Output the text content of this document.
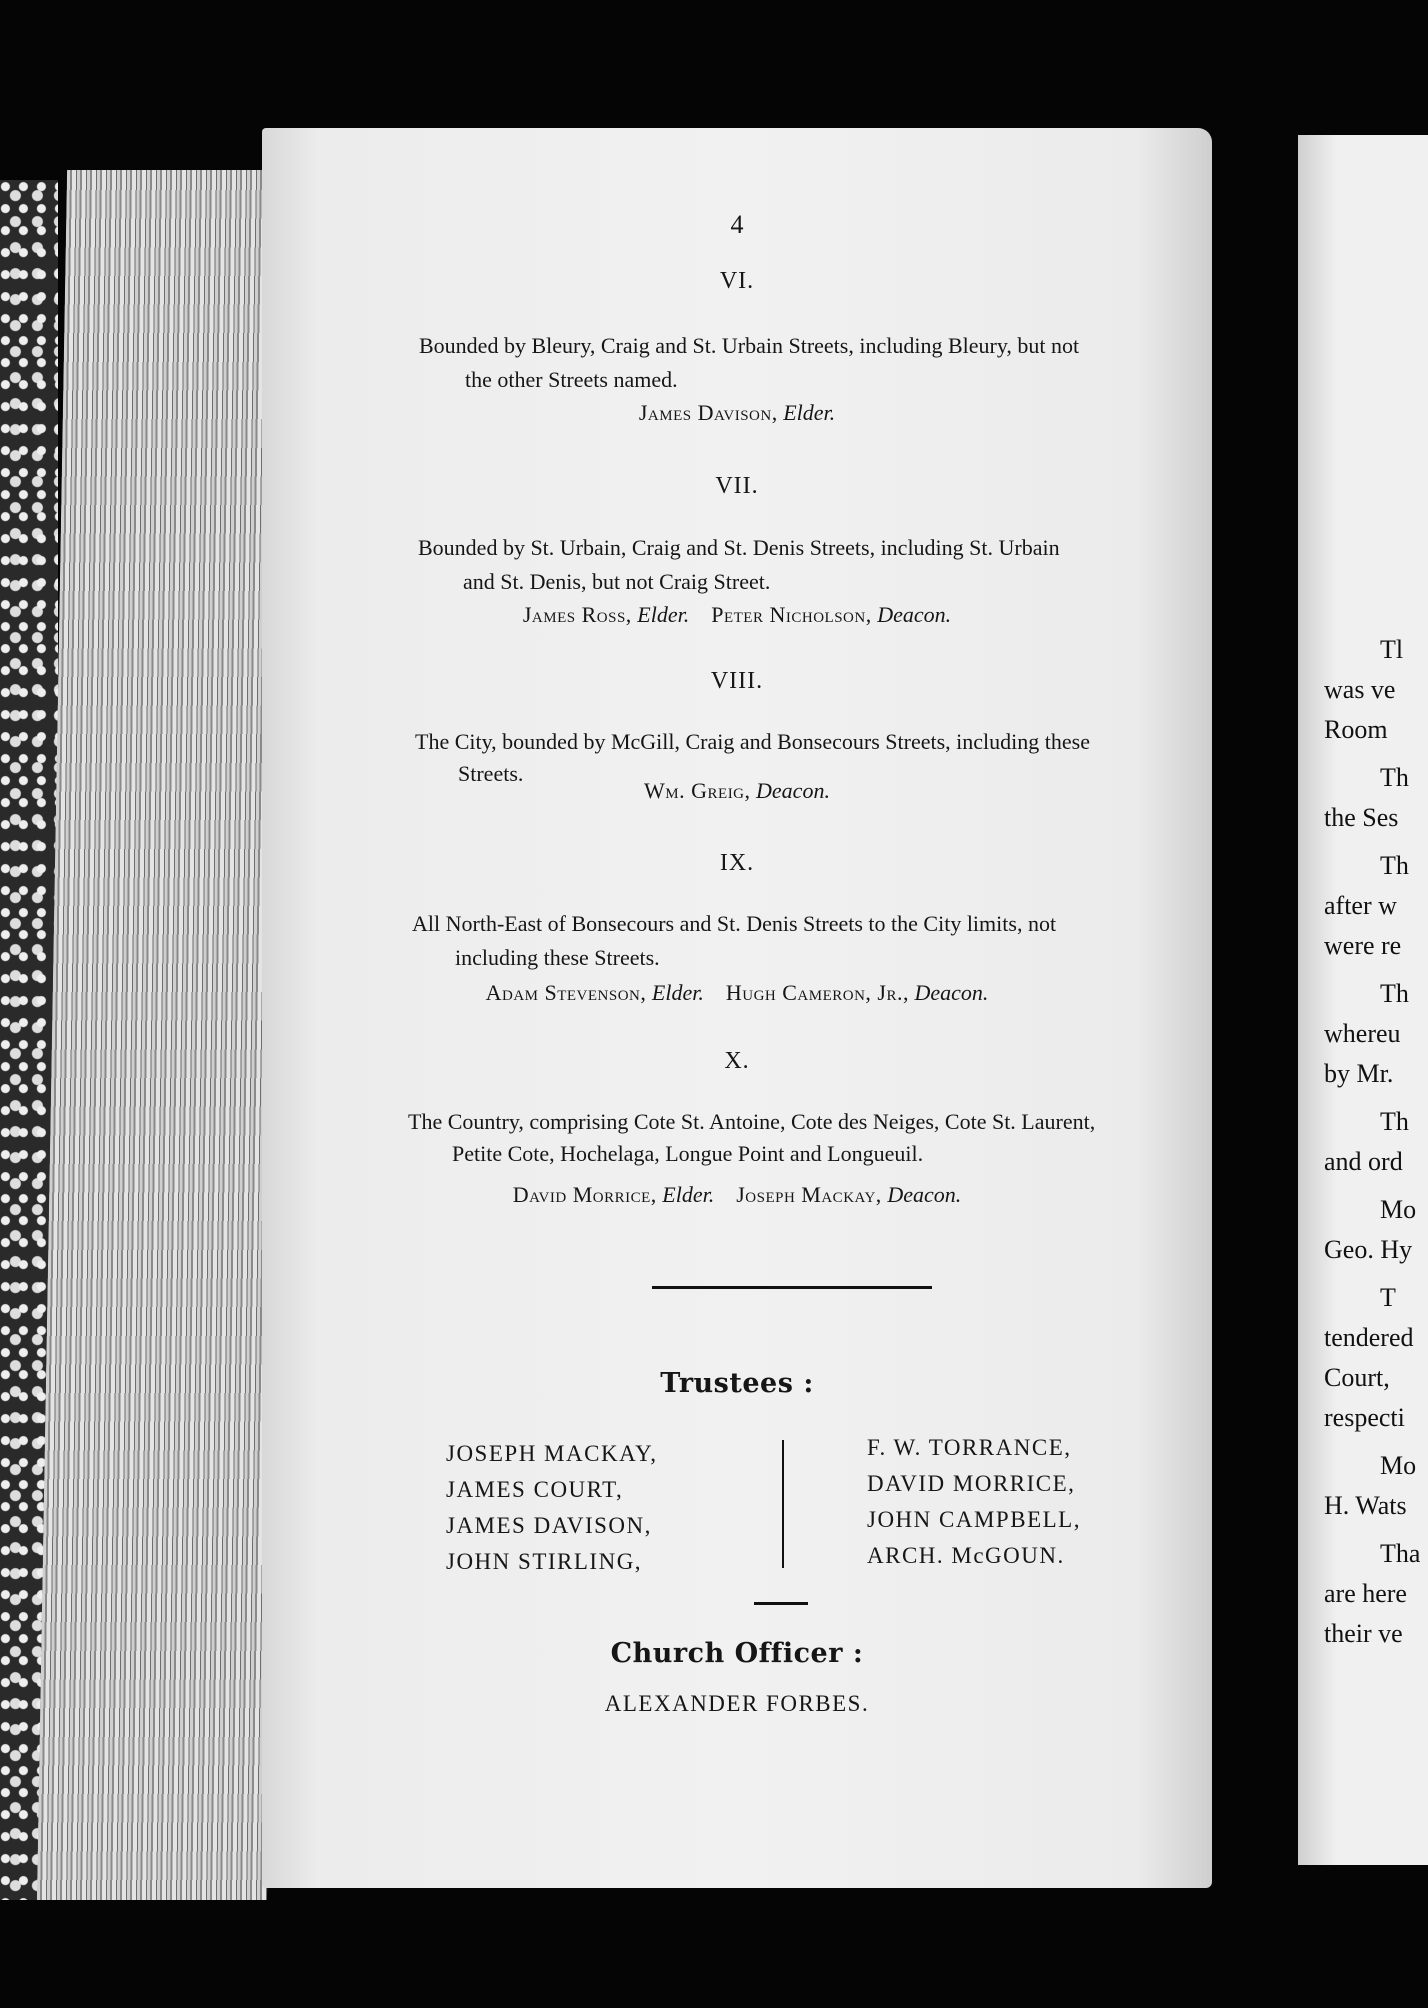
4
VI.
Bounded by Bleury, Craig and St. Urbain Streets, including Bleury, but not
the other Streets named.
James Davison, Elder.
VII.
Bounded by St. Urbain, Craig and St. Denis Streets, including St. Urbain
and St. Denis, but not Craig Street.
James Ross, Elder. Peter Nicholson, Deacon.
VIII.
The City, bounded by McGill, Craig and Bonsecours Streets, including these
Streets.
Wm. Greig, Deacon.
IX.
All North-East of Bonsecours and St. Denis Streets to the City limits, not
including these Streets.
Adam Stevenson, Elder. Hugh Cameron, Jr., Deacon.
X.
The Country, comprising Cote St. Antoine, Cote des Neiges, Cote St. Laurent,
Petite Cote, Hochelaga, Longue Point and Longueuil.
David Morrice, Elder. Joseph Mackay, Deacon.
Trustees :
JOSEPH MACKAY,
JAMES COURT,
JAMES DAVISON,
JOHN STIRLING,
F. W. TORRANCE,
DAVID MORRICE,
JOHN CAMPBELL,
ARCH. McGOUN.
Church Officer :
ALEXANDER FORBES.
Tl
was ve
Room
Th
the Ses
Th
after w
were re
Th
whereu
by Mr.
Th
and ord
Mo
Geo. Hy
T
tendered
Court,
respecti
Mo
H. Wats
Tha
are here
their ve
